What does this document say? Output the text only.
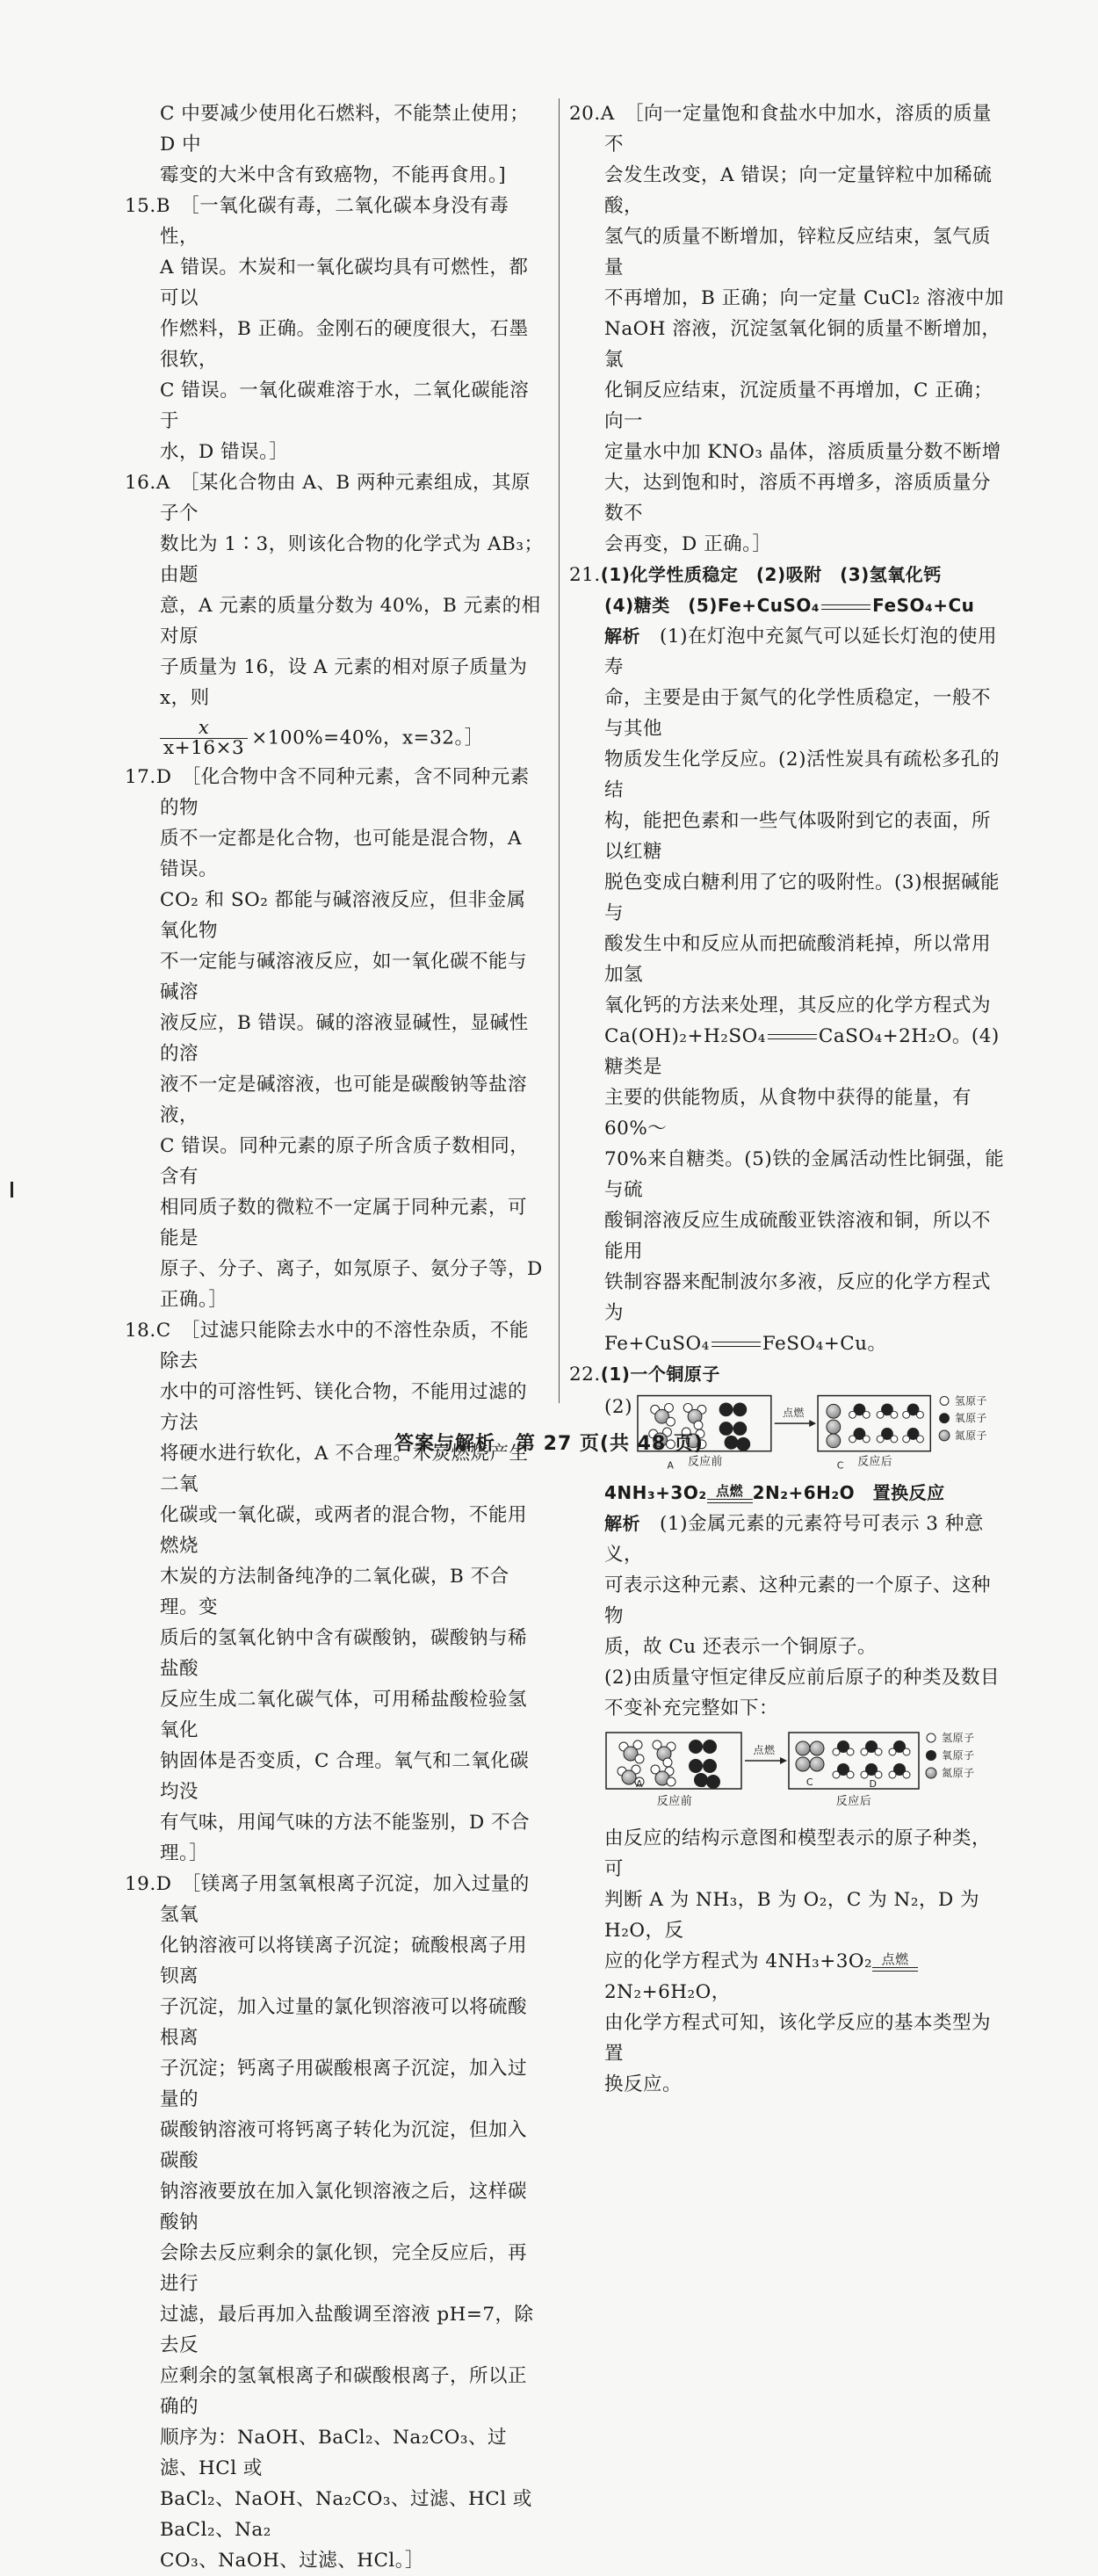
C 中要减少使用化石燃料，不能禁止使用；D 中

霉变的大米中含有致癌物，不能再食用。]

15.B　 ［一氧化碳有毒，二氧化碳本身没有毒性，

A 错误。木炭和一氧化碳均具有可燃性，都可以

作燃料，B 正确。金刚石的硬度很大，石墨很软，

C 错误。一氧化碳难溶于水，二氧化碳能溶于

水，D 错误。］

16.A　 ［某化合物由 A、B 两种元素组成，其原子个

数比为 1∶3，则该化合物的化学式为 AB₃；由题

意，A 元素的质量分数为 40%，B 元素的相对原

子质量为 16，设 A 元素的相对原子质量为 x，则

$\frac{x}{x+16\times 3} \times 100\%=40\%$，x=32。］

17.D　 ［化合物中含不同种元素，含不同种元素的物

质不一定都是化合物，也可能是混合物，A 错误。

CO₂ 和 SO₂ 都能与碱溶液反应，但非金属氧化物

不一定能与碱溶液反应，如一氧化碳不能与碱溶

液反应，B 错误。碱的溶液显碱性，显碱性的溶

液不一定是碱溶液，也可能是碳酸钠等盐溶液，

C 错误。同种元素的原子所含质子数相同，含有

相同质子数的微粒不一定属于同种元素，可能是

原子、分子、离子，如氖原子、氨分子等，D 正确。］

18.C　 ［过滤只能除去水中的不溶性杂质，不能除去

水中的可溶性钙、镁化合物，不能用过滤的方法

将硬水进行软化，A 不合理。木炭燃烧产生二氧

化碳或一氧化碳，或两者的混合物，不能用燃烧

木炭的方法制备纯净的二氧化碳，B 不合理。变

质后的氢氧化钠中含有碳酸钠，碳酸钠与稀盐酸

反应生成二氧化碳气体，可用稀盐酸检验氢氧化

钠固体是否变质，C 合理。氧气和二氧化碳均没

有气味，用闻气味的方法不能鉴别，D 不合理。］

19.D　 ［镁离子用氢氧根离子沉淀，加入过量的氢氧

化钠溶液可以将镁离子沉淀；硫酸根离子用钡离

子沉淀，加入过量的氯化钡溶液可以将硫酸根离

子沉淀；钙离子用碳酸根离子沉淀，加入过量的

碳酸钠溶液可将钙离子转化为沉淀，但加入碳酸

钠溶液要放在加入氯化钡溶液之后，这样碳酸钠

会除去反应剩余的氯化钡，完全反应后，再进行

过滤，最后再加入盐酸调至溶液 pH=7，除去反

应剩余的氢氧根离子和碳酸根离子，所以正确的

顺序为：NaOH、BaCl₂、Na₂CO₃、过滤、HCl 或

BaCl₂、NaOH、Na₂CO₃、过滤、HCl 或 BaCl₂、Na₂

CO₃、NaOH、过滤、HCl。］

20.A　 ［向一定量饱和食盐水中加水，溶质的质量不

会发生改变，A 错误；向一定量锌粒中加稀硫酸，

氢气的质量不断增加，锌粒反应结束，氢气质量

不再增加，B 正确；向一定量 CuCl₂ 溶液中加

NaOH 溶液，沉淀氢氧化铜的质量不断增加，氯

化铜反应结束，沉淀质量不再增加，C 正确；向一

定量水中加 KNO₃ 晶体，溶质质量分数不断增

大，达到饱和时，溶质不再增多，溶质质量分数不

会再变，D 正确。］

21.(1)化学性质稳定　(2)吸附　(3)氢氧化钙

(4)糖类　(5)Fe+CuSO₄	FeSO₄+Cu

解析　 (1)在灯泡中充氮气可以延长灯泡的使用寿

命，主要是由于氮气的化学性质稳定，一般不与其他

物质发生化学反应。(2)活性炭具有疏松多孔的结

构，能把色素和一些气体吸附到它的表面，所以红糖

脱色变成白糖利用了它的吸附性。(3)根据碱能与

酸发生中和反应从而把硫酸消耗掉，所以常用加氢

氧化钙的方法来处理，其反应的化学方程式为

Ca(OH)₂+H₂SO₄	CaSO₄+2H₂O。(4)糖类是

主要的供能物质，从食物中获得的能量，有 60%～

70%来自糖类。(5)铁的金属活动性比铜强，能与硫

酸铜溶液反应生成硫酸亚铁溶液和铜，所以不能用

铁制容器来配制波尔多液，反应的化学方程式为

Fe+CuSO₄	FeSO₄+Cu。

22.(1)一个铜原子

(2)
A 反应前
点燃
C 反应后
氢原子
氧原子
氮原子

4NH₃+3O₂ 点燃 2N₂+6H₂O　置换反应

解析　 (1)金属元素的元素符号可表示 3 种意义，

可表示这种元素、这种元素的一个原子、这种物

质，故 Cu 还表示一个铜原子。

(2)由质量守恒定律反应前后原子的种类及数目

不变补充完整如下：

A	B
反应前
点燃
C	D
反应后
氢原子
氧原子
氮原子

由反应的结构示意图和模型表示的原子种类，可

判断 A 为 NH₃，B 为 O₂，C 为 N₂，D 为 H₂O，反

应的化学方程式为 4NH₃+3O₂ 点燃
2N₂+6H₂O，

由化学方程式可知，该化学反应的基本类型为置

换反应。

答案与解析　第 27 页(共 48 页)
